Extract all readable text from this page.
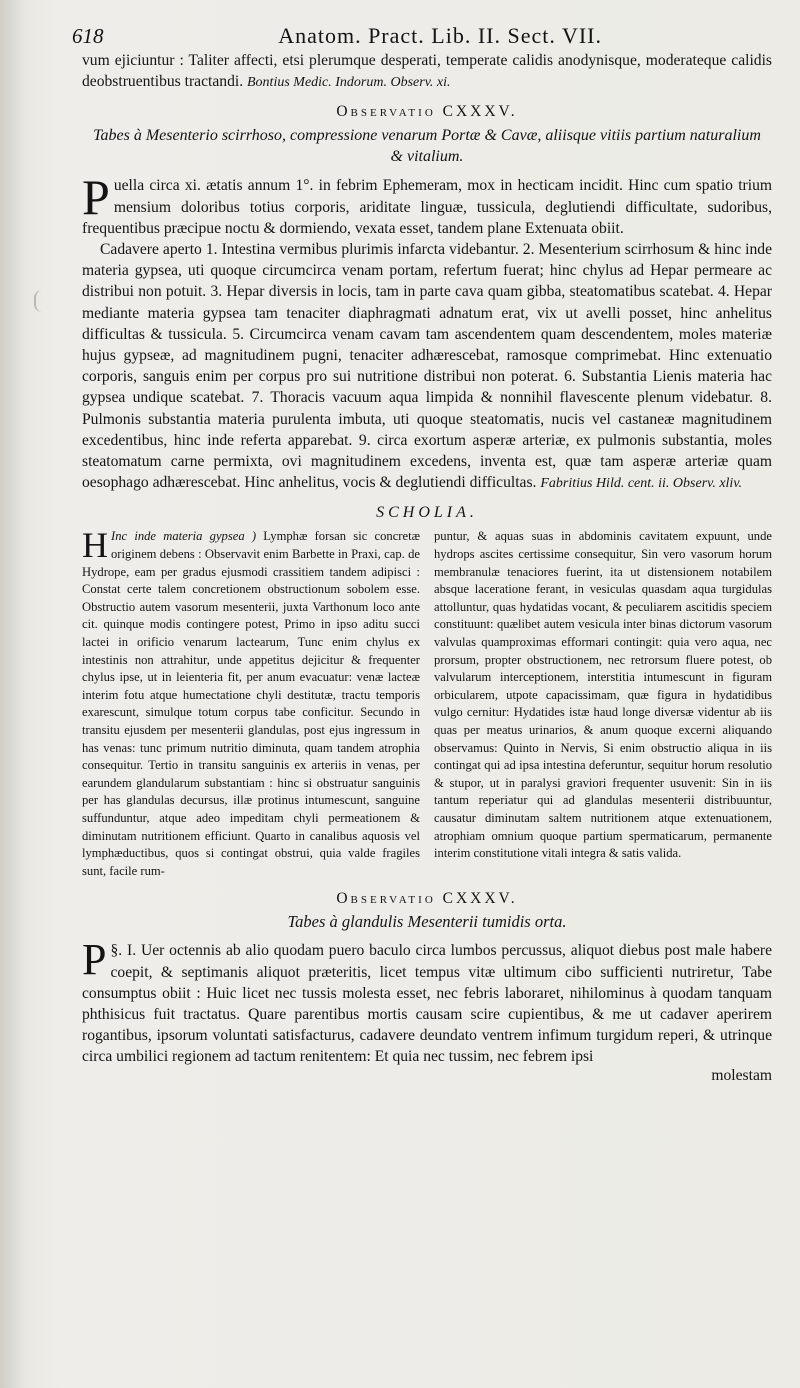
618	Anatom. Pract. Lib. II. Sect. VII.

vum ejiciuntur : Taliter affecti, etsi plerumque desperati, temperate calidis anodynisque, moderateque calidis deobstruentibus tractandi. Bontius Medic. Indorum. Observ. xi.

Observatio CXXXV.
Tabes à Mesenterio scirrhoso, compressione venarum Portæ & Cavæ, aliisque vitiis partium naturalium & vitalium.

Puella circa xi. ætatis annum 1°. in febrim Ephemeram, mox in hecticam incidit. Hinc cum spatio trium mensium doloribus totius corporis, ariditate linguæ, tussicula, deglutiendi difficultate, sudoribus, frequentibus præcipue noctu & dormiendo, vexata esset, tandem plane Extenuata obiit.

Cadavere aperto 1. Intestina vermibus plurimis infarcta videbantur. 2. Mesenterium scirrhosum & hinc inde materia gypsea, uti quoque circumcirca venam portam, refertum fuerat; hinc chylus ad Hepar permeare ac distribui non potuit. 3. Hepar diversis in locis, tam in parte cava quam gibba, steatomatibus scatebat. 4. Hepar mediante materia gypsea tam tenaciter diaphragmati adnatum erat, vix ut avelli posset, hinc anhelitus difficultas & tussicula. 5. Circumcirca venam cavam tam ascendentem quam descendentem, moles materiæ hujus gypseæ, ad magnitudinem pugni, tenaciter adhærescebat, ramosque comprimebat. Hinc extenuatio corporis, sanguis enim per corpus pro sui nutritione distribui non poterat. 6. Substantia Lienis materia hac gypsea undique scatebat. 7. Thoracis vacuum aqua limpida & nonnihil flavescente plenum videbatur. 8. Pulmonis substantia materia purulenta imbuta, uti quoque steatomatis, nucis vel castaneæ magnitudinem excedentibus, hinc inde referta apparebat. 9. circa exortum asperæ arteriæ, ex pulmonis substantia, moles steatomatum carne permixta, ovi magnitudinem excedens, inventa est, quæ tam asperæ arteriæ quam oesophago adhærescebat. Hinc anhelitus, vocis & deglutiendi difficultas. Fabritius Hild. cent. ii. Observ. xliv.

SCHOLIA.

H Inc inde materia gypsea ) Lymphæ forsan sic concretæ originem debens : Observavit enim Barbette in Praxi, cap. de Hydrope, eam per gradus ejusmodi crassitiem tandem adipisci : Constat certe talem concretionem obstructionum sobolem esse. Obstructio autem vasorum mesenterii, juxta Varthonum loco ante cit. quinque modis contingere potest, Primo in ipso aditu succi lactei in orificio venarum lactearum, Tunc enim chylus ex intestinis non attrahitur, unde appetitus dejicitur & frequenter chylus ipse, ut in leienteria fit, per anum evacuatur: venæ lacteæ interim fotu atque humectatione chyli destitutæ, tractu temporis exarescunt, simulque totum corpus tabe conficitur. Secundo in transitu ejusdem per mesenterii glandulas, post ejus ingressum in has venas: tunc primum nutritio diminuta, quam tandem atrophia consequitur. Tertio in transitu sanguinis ex arteriis in venas, per earundem glandularum substantiam : hinc si obstruatur sanguinis per has glandulas decursus, illæ protinus intumescunt, sanguine suffunduntur, atque adeo impeditam chyli permeationem & diminutam nutritionem efficiunt. Quarto in canalibus aquosis vel lymphæductibus, quos si contingat obstrui, quia valde fragiles sunt, facile rum-

puntur, & aquas suas in abdominis cavitatem expuunt, unde hydrops ascites certissime consequitur, Sin vero vasorum horum membranulæ tenaciores fuerint, ita ut distensionem notabilem absque laceratione ferant, in vesiculas quasdam aqua turgidulas attolluntur, quas hydatidas vocant, & peculiarem ascitidis speciem constituunt: quælibet autem vesicula inter binas dictorum vasorum valvulas quamproximas efformari contingit: quia vero aqua, nec prorsum, propter obstructionem, nec retrorsum fluere potest, ob valvularum interceptionem, interstitia intumescunt in figuram orbicularem, utpote capacissimam, quæ figura in hydatidibus vulgo cernitur: Hydatides istæ haud longe diversæ videntur ab iis quas per meatus urinarios, & anum quoque excerni aliquando observamus: Quinto in Nervis, Si enim obstructio aliqua in iis contingat qui ad ipsa intestina deferuntur, sequitur horum resolutio & stupor, ut in paralysi graviori frequenter usuvenit: Sin in iis tantum reperiatur qui ad glandulas mesenterii distribuuntur, causatur diminutam saltem nutritionem atque extenuationem, atrophiam omnium quoque partium spermaticarum, permanente interim constitutione vitali integra & satis valida.

Observatio CXXXV.
Tabes à glandulis Mesenterii tumidis orta.

§. I.
P Uer octennis ab alio quodam puero baculo circa lumbos percussus, aliquot diebus post male habere coepit, & septimanis aliquot præteritis, licet tempus vitæ ultimum cibo sufficienti nutriretur, Tabe consumptus obiit : Huic licet nec tussis molesta esset, nec febris laboraret, nihilominus à quodam tanquam phthisicus fuit tractatus. Quare parentibus mortis causam scire cupientibus, & me ut cadaver aperirem rogantibus, ipsorum voluntati satisfacturus, cadavere deundato ventrem infimum turgidum reperi, & utrinque circa umbilici regionem ad tactum renitentem: Et quia nec tussim, nec febrem ipsi

molestam
